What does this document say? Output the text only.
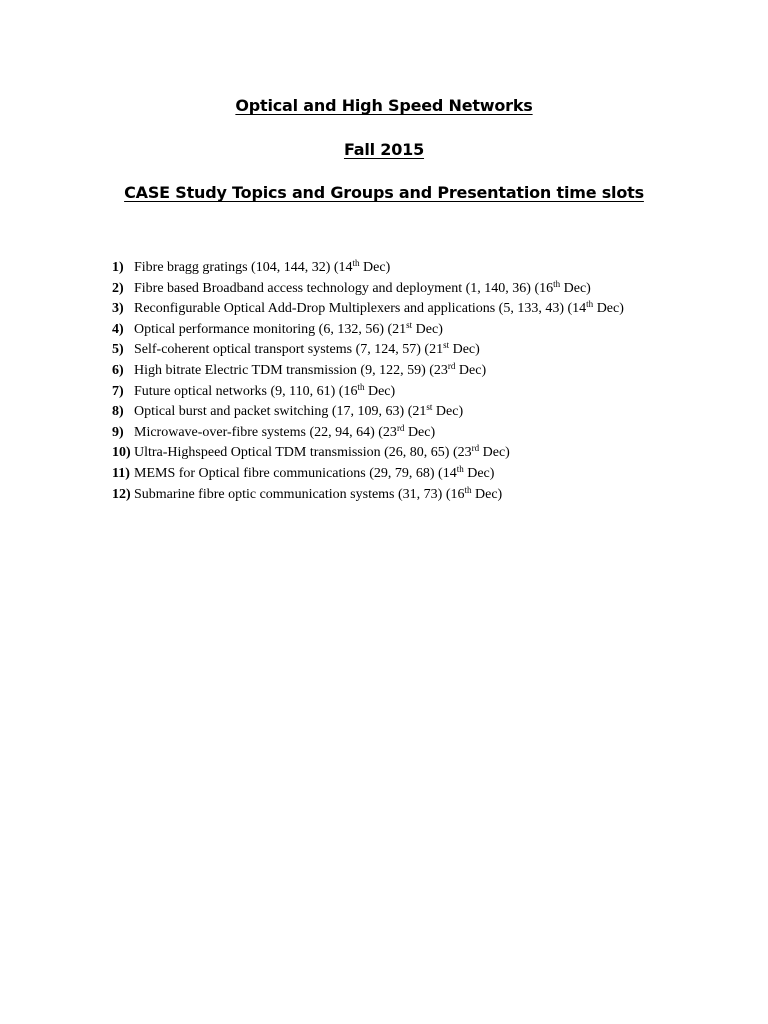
Optical and High Speed Networks
Fall 2015
CASE Study Topics and Groups and Presentation time slots
1) Fibre bragg gratings (104, 144, 32) (14th Dec)
2) Fibre based Broadband access technology and deployment (1, 140, 36) (16th Dec)
3) Reconfigurable Optical Add-Drop Multiplexers and applications (5, 133, 43) (14th Dec)
4) Optical performance monitoring (6, 132, 56) (21st Dec)
5) Self-coherent optical transport systems (7, 124, 57) (21st Dec)
6) High bitrate Electric TDM transmission (9, 122, 59) (23rd Dec)
7) Future optical networks (9, 110, 61) (16th Dec)
8) Optical burst and packet switching (17, 109, 63) (21st Dec)
9) Microwave-over-fibre systems (22, 94, 64) (23rd Dec)
10) Ultra-Highspeed Optical TDM transmission (26, 80, 65) (23rd Dec)
11) MEMS for Optical fibre communications (29, 79, 68) (14th Dec)
12) Submarine fibre optic communication systems (31, 73) (16th Dec)
